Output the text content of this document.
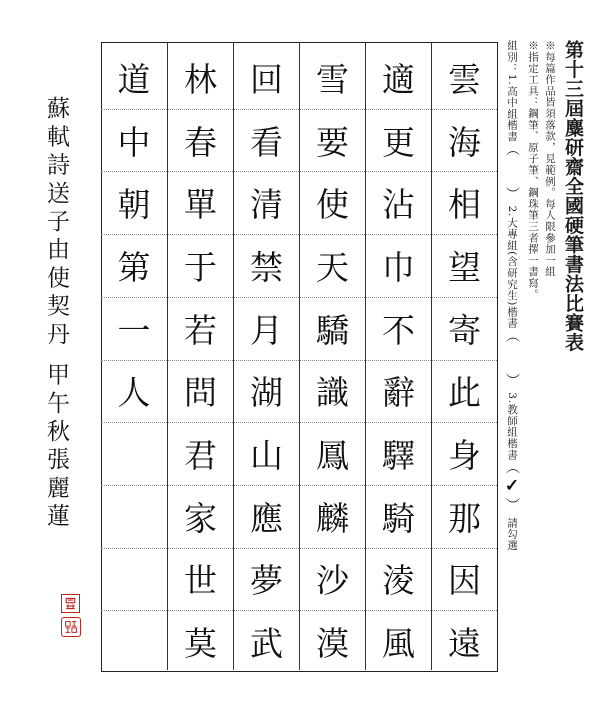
第十三屆麋研齋全國硬筆書法比賽表
※每篇作品皆須落款，見範例。每人限參加一組
※指定工具：鋼筆、原子筆、鋼珠筆三者擇一書寫。
組別：1.高中組楷書（　　）　2.大專組(含研究生)楷書（　　）　3.教師組楷書（✓）　請勾選
雲
海
相
望
寄
此
身
那
因
遠
適
更
沾
巾
不
辭
驛
騎
淩
風
雪
要
使
天
驕
識
鳳
麟
沙
漠
回
看
清
禁
月
湖
山
應
夢
武
林
春
單
于
若
問
君
家
世
莫
道
中
朝
第
一
人
蘇軾詩送子由使契丹 甲午秋張麗蓮
